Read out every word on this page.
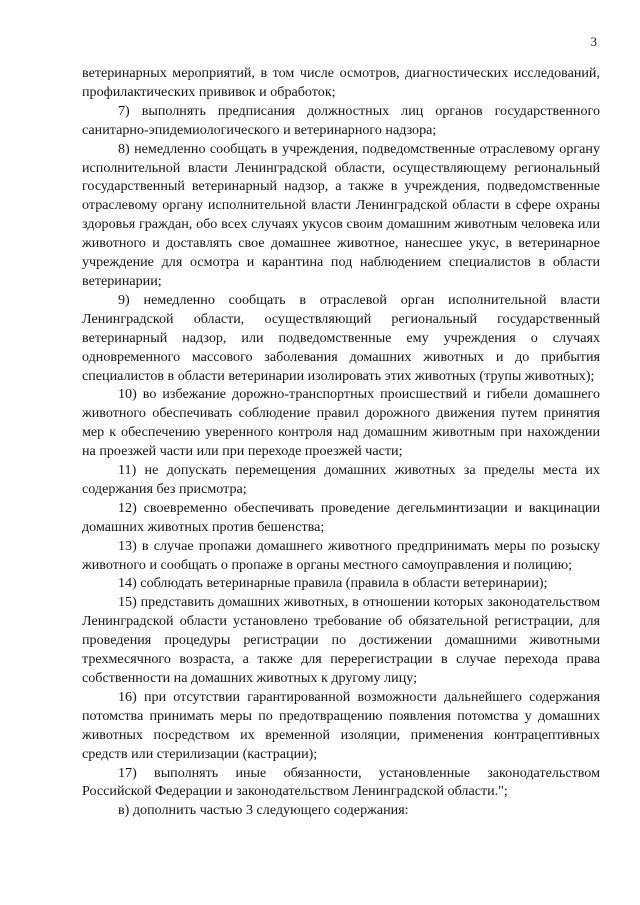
3

ветеринарных мероприятий, в том числе осмотров, диагностических исследований, профилактических прививок и обработок;

7) выполнять предписания должностных лиц органов государственного санитарно-эпидемиологического и ветеринарного надзора;

8) немедленно сообщать в учреждения, подведомственные отраслевому органу исполнительной власти Ленинградской области, осуществляющему региональный государственный ветеринарный надзор, а также в учреждения, подведомственные отраслевому органу исполнительной власти Ленинградской области в сфере охраны здоровья граждан, обо всех случаях укусов своим домашним животным человека или животного и доставлять свое домашнее животное, нанесшее укус, в ветеринарное учреждение для осмотра и карантина под наблюдением специалистов в области ветеринарии;

9) немедленно сообщать в отраслевой орган исполнительной власти Ленинградской области, осуществляющий региональный государственный ветеринарный надзор, или подведомственные ему учреждения о случаях одновременного массового заболевания домашних животных и до прибытия специалистов в области ветеринарии изолировать этих животных (трупы животных);

10) во избежание дорожно-транспортных происшествий и гибели домашнего животного обеспечивать соблюдение правил дорожного движения путем принятия мер к обеспечению уверенного контроля над домашним животным при нахождении на проезжей части или при переходе проезжей части;

11) не допускать перемещения домашних животных за пределы места их содержания без присмотра;

12) своевременно обеспечивать проведение дегельминтизации и вакцинации домашних животных против бешенства;

13) в случае пропажи домашнего животного предпринимать меры по розыску животного и сообщать о пропаже в органы местного самоуправления и полицию;

14) соблюдать ветеринарные правила (правила в области ветеринарии);

15) представить домашних животных, в отношении которых законодательством Ленинградской области установлено требование об обязательной регистрации, для проведения процедуры регистрации по достижении домашними животными трехмесячного возраста, а также для перерегистрации в случае перехода права собственности на домашних животных к другому лицу;

16) при отсутствии гарантированной возможности дальнейшего содержания потомства принимать меры по предотвращению появления потомства у домашних животных посредством их временной изоляции, применения контрацептивных средств или стерилизации (кастрации);

17) выполнять иные обязанности, установленные законодательством Российской Федерации и законодательством Ленинградской области.";

в) дополнить частью 3 следующего содержания:
